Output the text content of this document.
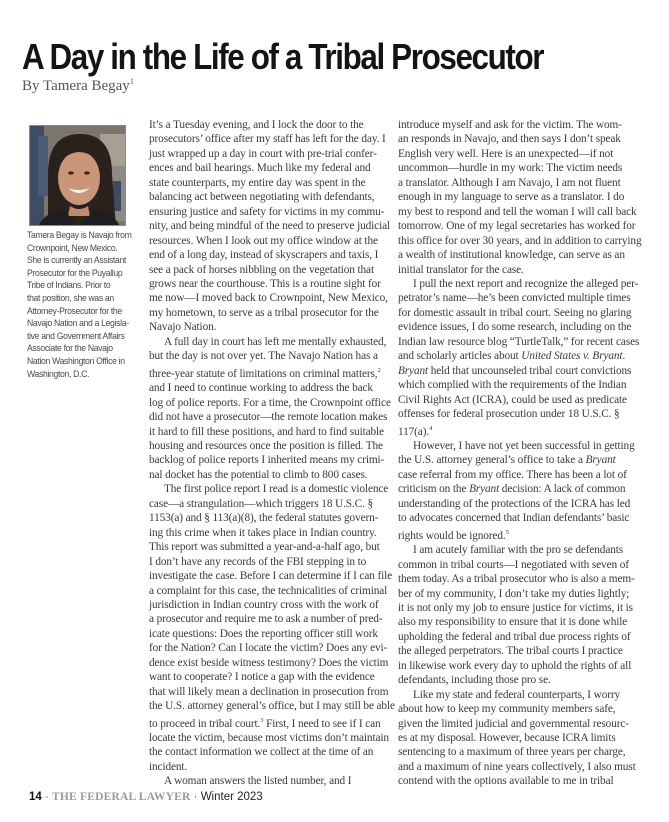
A Day in the Life of a Tribal Prosecutor
By Tamera Begay$^1$
Tamera Begay is Navajo from
Crownpoint, New Mexico.
She is currently an Assistant
Prosecutor for the Puyallup
Tribe of Indians. Prior to
that position, she was an
Attorney-Prosecutor for the
Navajo Nation and a Legisla-
tive and Government Affairs
Associate for the Navajo
Nation Washington Office in
Washington, D.C.
It’s a Tuesday evening, and I lock the door to the
prosecutors’ office after my staff has left for the day. I
just wrapped up a day in court with pre-trial confer-
ences and bail hearings. Much like my federal and
state counterparts, my entire day was spent in the
balancing act between negotiating with defendants,
ensuring justice and safety for victims in my commu-
nity, and being mindful of the need to preserve judicial
resources. When I look out my office window at the
end of a long day, instead of skyscrapers and taxis, I
see a pack of horses nibbling on the vegetation that
grows near the courthouse. This is a routine sight for
me now—I moved back to Crownpoint, New Mexico,
my hometown, to serve as a tribal prosecutor for the
Navajo Nation.
A full day in court has left me mentally exhausted,
but the day is not over yet. The Navajo Nation has a
three-year statute of limitations on criminal matters,$^2$
and I need to continue working to address the back
log of police reports. For a time, the Crownpoint office
did not have a prosecutor—the remote location makes
it hard to fill these positions, and hard to find suitable
housing and resources once the position is filled. The
backlog of police reports I inherited means my crimi-
nal docket has the potential to climb to 800 cases.
The first police report I read is a domestic violence
case—a strangulation—which triggers 18 U.S.C. §
1153(a) and § 113(a)(8), the federal statutes govern-
ing this crime when it takes place in Indian country.
This report was submitted a year-and-a-half ago, but
I don’t have any records of the FBI stepping in to
investigate the case. Before I can determine if I can file
a complaint for this case, the technicalities of criminal
jurisdiction in Indian country cross with the work of
a prosecutor and require me to ask a number of pred-
icate questions: Does the reporting officer still work
for the Nation? Can I locate the victim? Does any evi-
dence exist beside witness testimony? Does the victim
want to cooperate? I notice a gap with the evidence
that will likely mean a declination in prosecution from
the U.S. attorney general’s office, but I may still be able
to proceed in tribal court.$^3$ First, I need to see if I can
locate the victim, because most victims don’t maintain
the contact information we collect at the time of an
incident.
A woman answers the listed number, and I
introduce myself and ask for the victim. The wom-
an responds in Navajo, and then says I don’t speak
English very well. Here is an unexpected—if not
uncommon—hurdle in my work: The victim needs
a translator. Although I am Navajo, I am not fluent
enough in my language to serve as a translator. I do
my best to respond and tell the woman I will call back
tomorrow. One of my legal secretaries has worked for
this office for over 30 years, and in addition to carrying
a wealth of institutional knowledge, can serve as an
initial translator for the case.
I pull the next report and recognize the alleged per-
petrator’s name—he’s been convicted multiple times
for domestic assault in tribal court. Seeing no glaring
evidence issues, I do some research, including on the
Indian law resource blog “TurtleTalk,” for recent cases
and scholarly articles about United States v. Bryant.
Bryant held that uncounseled tribal court convictions
which complied with the requirements of the Indian
Civil Rights Act (ICRA), could be used as predicate
offenses for federal prosecution under 18 U.S.C. §
117(a).$^4$
However, I have not yet been successful in getting
the U.S. attorney general’s office to take a Bryant
case referral from my office. There has been a lot of
criticism on the Bryant decision: A lack of common
understanding of the protections of the ICRA has led
to advocates concerned that Indian defendants’ basic
rights would be ignored.$^5$
I am acutely familiar with the pro se defendants
common in tribal courts—I negotiated with seven of
them today. As a tribal prosecutor who is also a mem-
ber of my community, I don’t take my duties lightly;
it is not only my job to ensure justice for victims, it is
also my responsibility to ensure that it is done while
upholding the federal and tribal due process rights of
the alleged perpetrators. The tribal courts I practice
in likewise work every day to uphold the rights of all
defendants, including those pro se.
Like my state and federal counterparts, I worry
about how to keep my community members safe,
given the limited judicial and governmental resourc-
es at my disposal. However, because ICRA limits
sentencing to a maximum of three years per charge,
and a maximum of nine years collectively, I also must
contend with the options available to me in tribal
14 · THE FEDERAL LAWYER · Winter 2023
